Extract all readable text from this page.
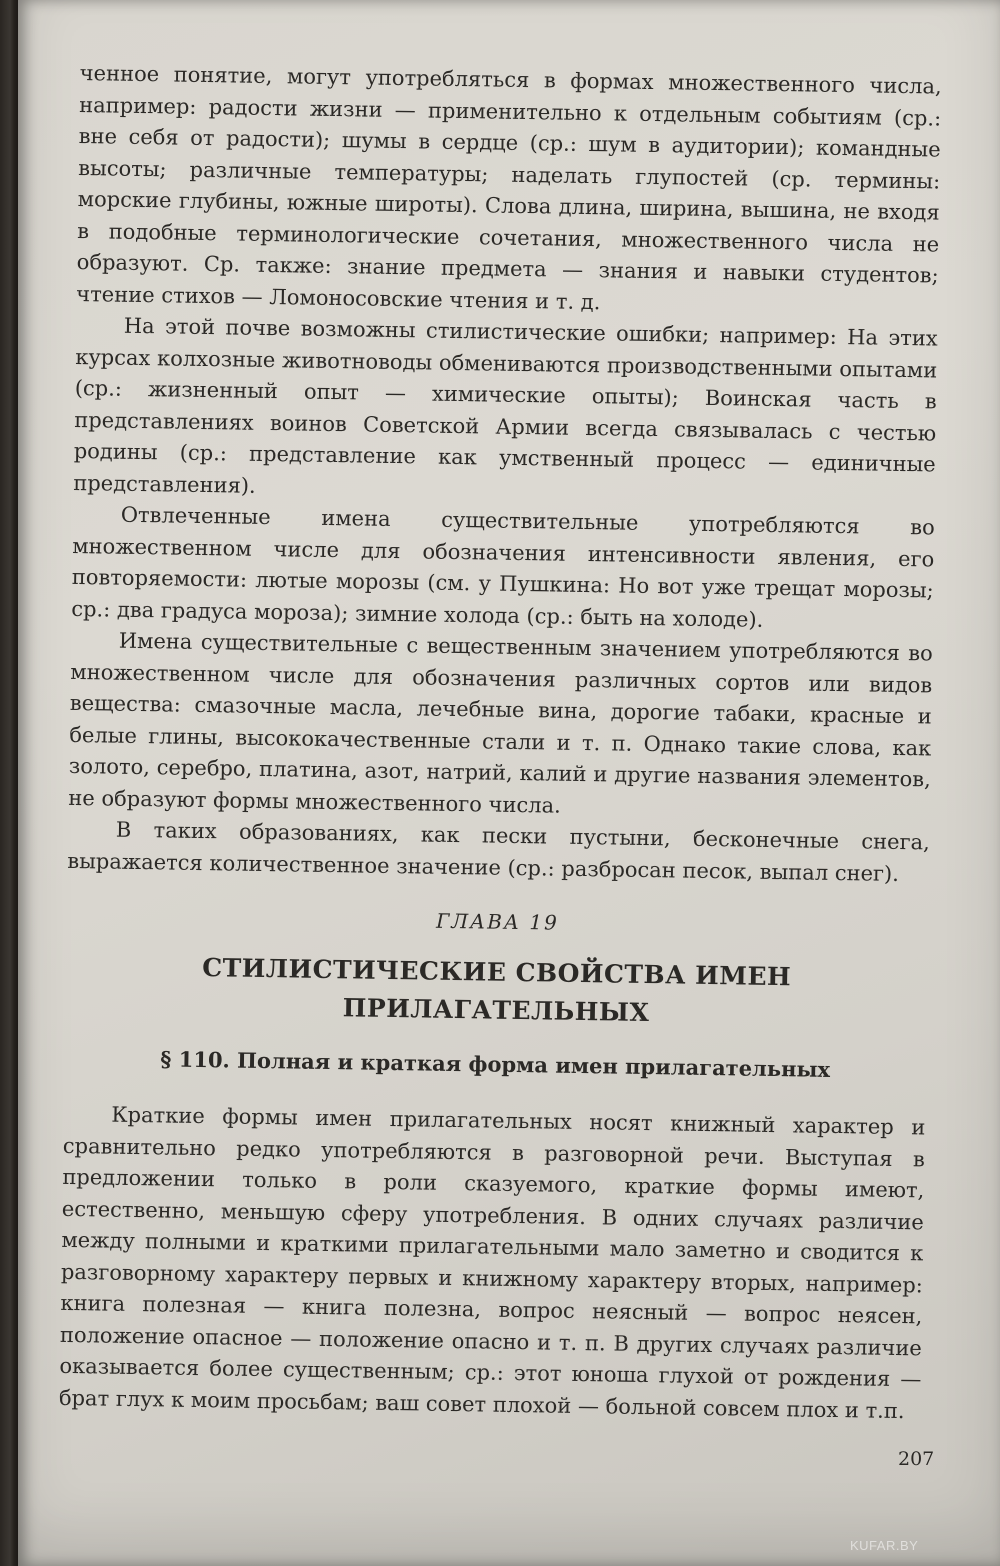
ченное понятие, могут употребляться в формах множественного числа, например: радости жизни — применительно к отдельным событиям (ср.: вне себя от радости); шумы в сердце (ср.: шум в аудитории); командные высоты; различные температуры; наделать глупостей (ср. термины: морские глубины, южные широты). Слова длина, ширина, вышина, не входя в подобные терминологические сочетания, множественного числа не образуют. Ср. также: знание предмета — знания и навыки студентов; чтение стихов — Ломоносовские чтения и т. д.

На этой почве возможны стилистические ошибки; например: На этих курсах колхозные животноводы обмениваются производственными опытами (ср.: жизненный опыт — химические опыты); Воинская часть в представлениях воинов Советской Армии всегда связывалась с честью родины (ср.: представление как умственный процесс — единичные представления).

Отвлеченные имена существительные употребляются во множественном числе для обозначения интенсивности явления, его повторяемости: лютые морозы (см. у Пушкина: Но вот уже трещат морозы; ср.: два градуса мороза); зимние холода (ср.: быть на холоде).

Имена существительные с вещественным значением употребляются во множественном числе для обозначения различных сортов или видов вещества: смазочные масла, лечебные вина, дорогие табаки, красные и белые глины, высококачественные стали и т. п. Однако такие слова, как золото, серебро, платина, азот, натрий, калий и другие названия элементов, не образуют формы множественного числа.

В таких образованиях, как пески пустыни, бесконечные снега, выражается количественное значение (ср.: разбросан песок, выпал снег).

ГЛАВА 19
СТИЛИСТИЧЕСКИЕ СВОЙСТВА ИМЕН ПРИЛАГАТЕЛЬНЫХ
§ 110. Полная и краткая форма имен прилагательных

Краткие формы имен прилагательных носят книжный характер и сравнительно редко употребляются в разговорной речи. Выступая в предложении только в роли сказуемого, краткие формы имеют, естественно, меньшую сферу употребления. В одних случаях различие между полными и краткими прилагательными мало заметно и сводится к разговорному характеру первых и книжному характеру вторых, например: книга полезная — книга полезна, вопрос неясный — вопрос неясен, положение опасное — положение опасно и т. п. В других случаях различие оказывается более существенным; ср.: этот юноша глухой от рождения — брат глух к моим просьбам; ваш совет плохой — больной совсем плох и т.п.

207
KUFAR.BY
